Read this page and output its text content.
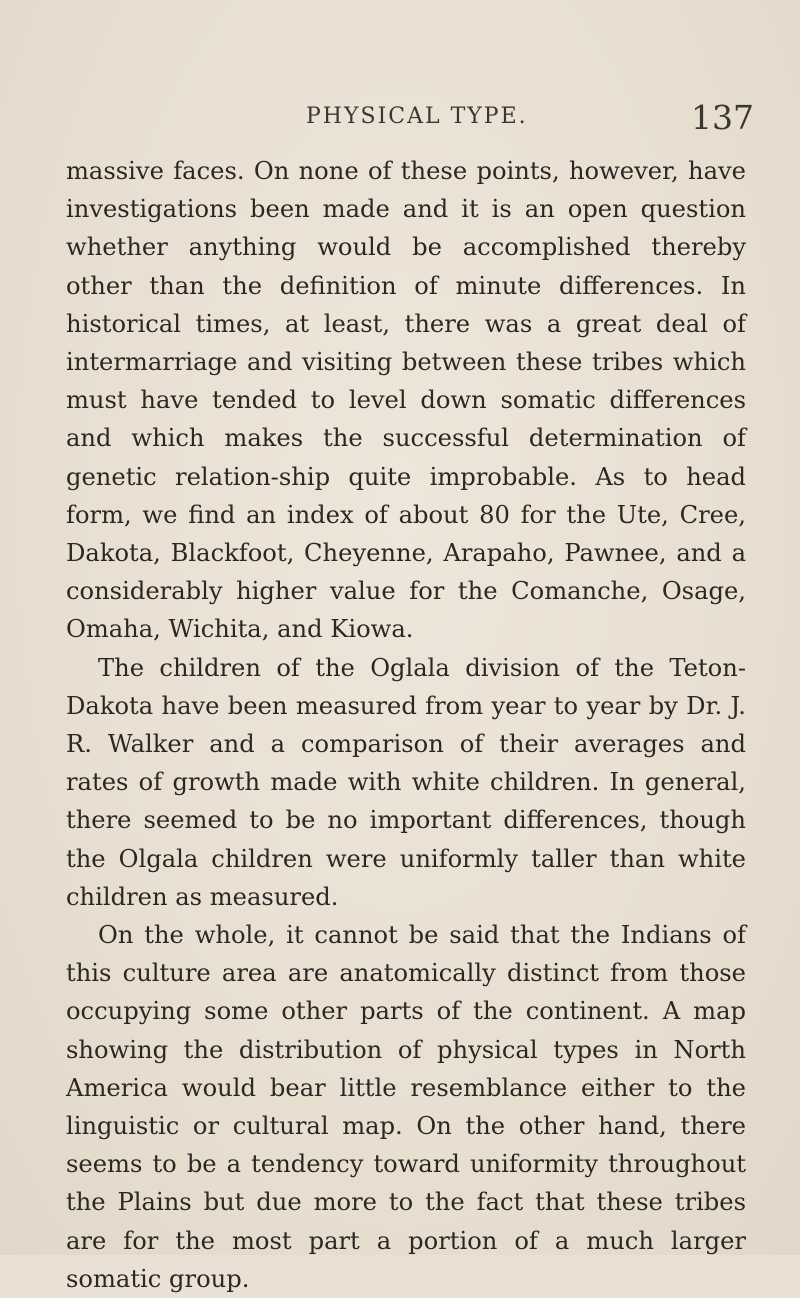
PHYSICAL TYPE.	137

massive faces. On none of these points, however, have investigations been made and it is an open question whether anything would be accomplished thereby other than the definition of minute differences. In historical times, at least, there was a great deal of intermarriage and visiting between these tribes which must have tended to level down somatic differences and which makes the successful determination of genetic relation-ship quite improbable. As to head form, we find an index of about 80 for the Ute, Cree, Dakota, Blackfoot, Cheyenne, Arapaho, Pawnee, and a considerably higher value for the Comanche, Osage, Omaha, Wichita, and Kiowa.

The children of the Oglala division of the Teton-Dakota have been measured from year to year by Dr. J. R. Walker and a comparison of their averages and rates of growth made with white children. In general, there seemed to be no important differences, though the Olgala children were uniformly taller than white children as measured.

On the whole, it cannot be said that the Indians of this culture area are anatomically distinct from those occupying some other parts of the continent. A map showing the distribution of physical types in North America would bear little resemblance either to the linguistic or cultural map. On the other hand, there seems to be a tendency toward uniformity throughout the Plains but due more to the fact that these tribes are for the most part a portion of a much larger somatic group.
